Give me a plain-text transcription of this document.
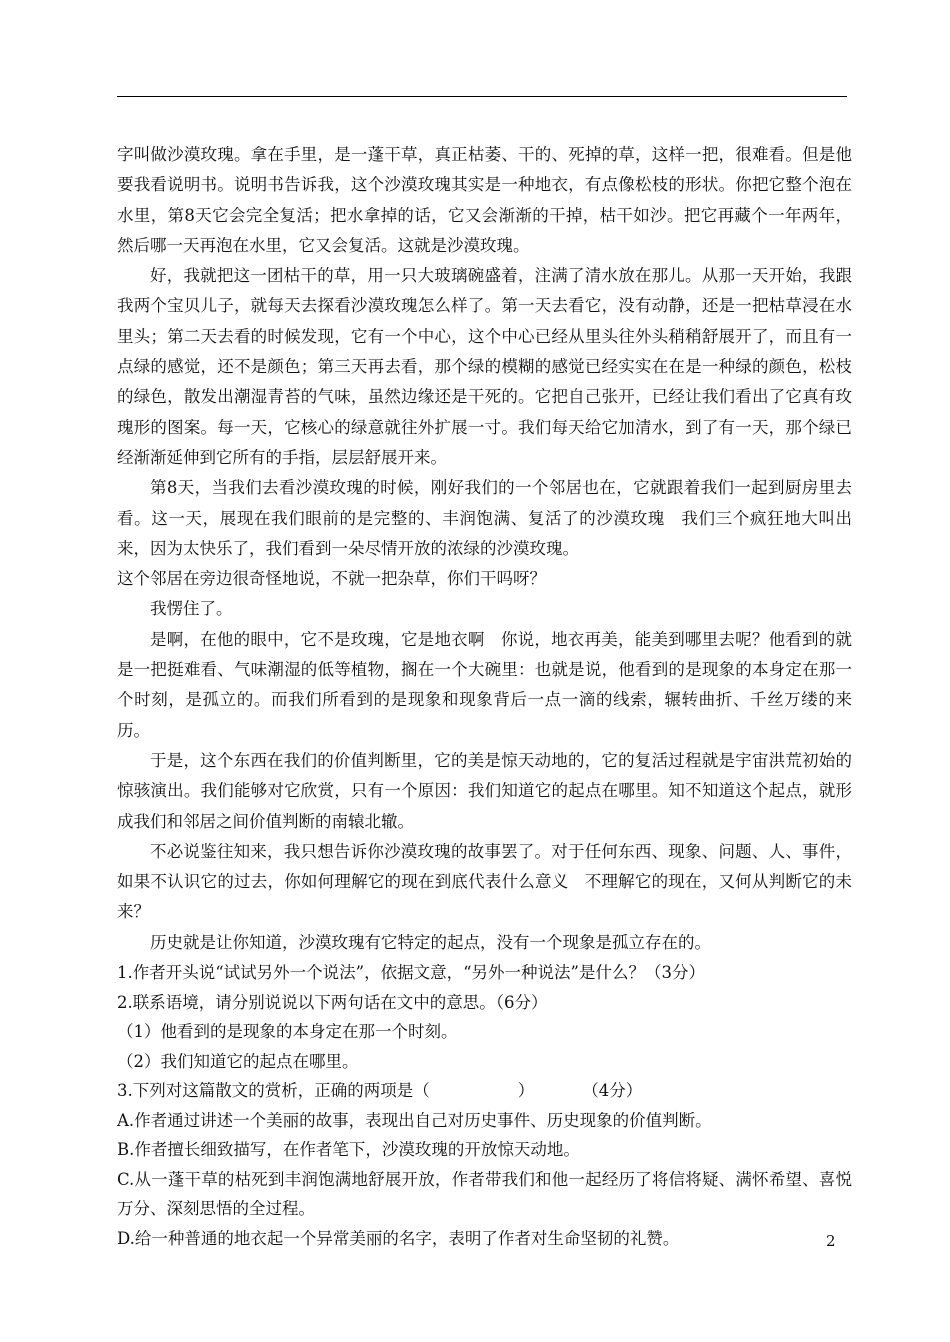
字叫做沙漠玫瑰。拿在手里，是一蓬干草，真正枯萎、干的、死掉的草，这样一把，很难看。但是他要我看说明书。说明书告诉我，这个沙漠玫瑰其实是一种地衣，有点像松枝的形状。你把它整个泡在水里，第8天它会完全复活；把水拿掉的话，它又会渐渐的干掉，枯干如沙。把它再藏个一年两年，然后哪一天再泡在水里，它又会复活。这就是沙漠玫瑰。

好，我就把这一团枯干的草，用一只大玻璃碗盛着，注满了清水放在那儿。从那一天开始，我跟我两个宝贝儿子，就每天去探看沙漠玫瑰怎么样了。第一天去看它，没有动静，还是一把枯草浸在水里头；第二天去看的时候发现，它有一个中心，这个中心已经从里头往外头稍稍舒展开了，而且有一点绿的感觉，还不是颜色；第三天再去看，那个绿的模糊的感觉已经实实在在是一种绿的颜色，松枝的绿色，散发出潮湿青苔的气味，虽然边缘还是干死的。它把自己张开，已经让我们看出了它真有玫瑰形的图案。每一天，它核心的绿意就往外扩展一寸。我们每天给它加清水，到了有一天，那个绿已经渐渐延伸到它所有的手指，层层舒展开来。

第8天，当我们去看沙漠玫瑰的时候，刚好我们的一个邻居也在，它就跟着我们一起到厨房里去看。这一天，展现在我们眼前的是完整的、丰润饱满、复活了的沙漠玫瑰 我们三个疯狂地大叫出来，因为太快乐了，我们看到一朵尽情开放的浓绿的沙漠玫瑰。

这个邻居在旁边很奇怪地说，不就一把杂草，你们干吗呀？

我愣住了。

是啊，在他的眼中，它不是玫瑰，它是地衣啊 你说，地衣再美，能美到哪里去呢？他看到的就是一把挺难看、气味潮湿的低等植物，搁在一个大碗里：也就是说，他看到的是现象的本身定在那一个时刻，是孤立的。而我们所看到的是现象和现象背后一点一滴的线索，辗转曲折、千丝万缕的来历。

于是，这个东西在我们的价值判断里，它的美是惊天动地的，它的复活过程就是宇宙洪荒初始的惊骇演出。我们能够对它欣赏，只有一个原因：我们知道它的起点在哪里。知不知道这个起点，就形成我们和邻居之间价值判断的南辕北辙。

不必说鉴往知来，我只想告诉你沙漠玫瑰的故事罢了。对于任何东西、现象、问题、人、事件，如果不认识它的过去，你如何理解它的现在到底代表什么意义 不理解它的现在，又何从判断它的未来？

历史就是让你知道，沙漠玫瑰有它特定的起点，没有一个现象是孤立存在的。

1.作者开头说“试试另外一个说法”，依据文意，“另外一种说法”是什么？（3分）

2.联系语境，请分别说说以下两句话在文中的意思。（6分）

（1）他看到的是现象的本身定在那一个时刻。

（2）我们知道它的起点在哪里。

3.下列对这篇散文的赏析，正确的两项是（	）	（4分）

A.作者通过讲述一个美丽的故事，表现出自己对历史事件、历史现象的价值判断。

B.作者擅长细致描写，在作者笔下，沙漠玫瑰的开放惊天动地。

C.从一蓬干草的枯死到丰润饱满地舒展开放，作者带我们和他一起经历了将信将疑、满怀希望、喜悦万分、深刻思悟的全过程。

D.给一种普通的地衣起一个异常美丽的名字，表明了作者对生命坚韧的礼赞。	2
